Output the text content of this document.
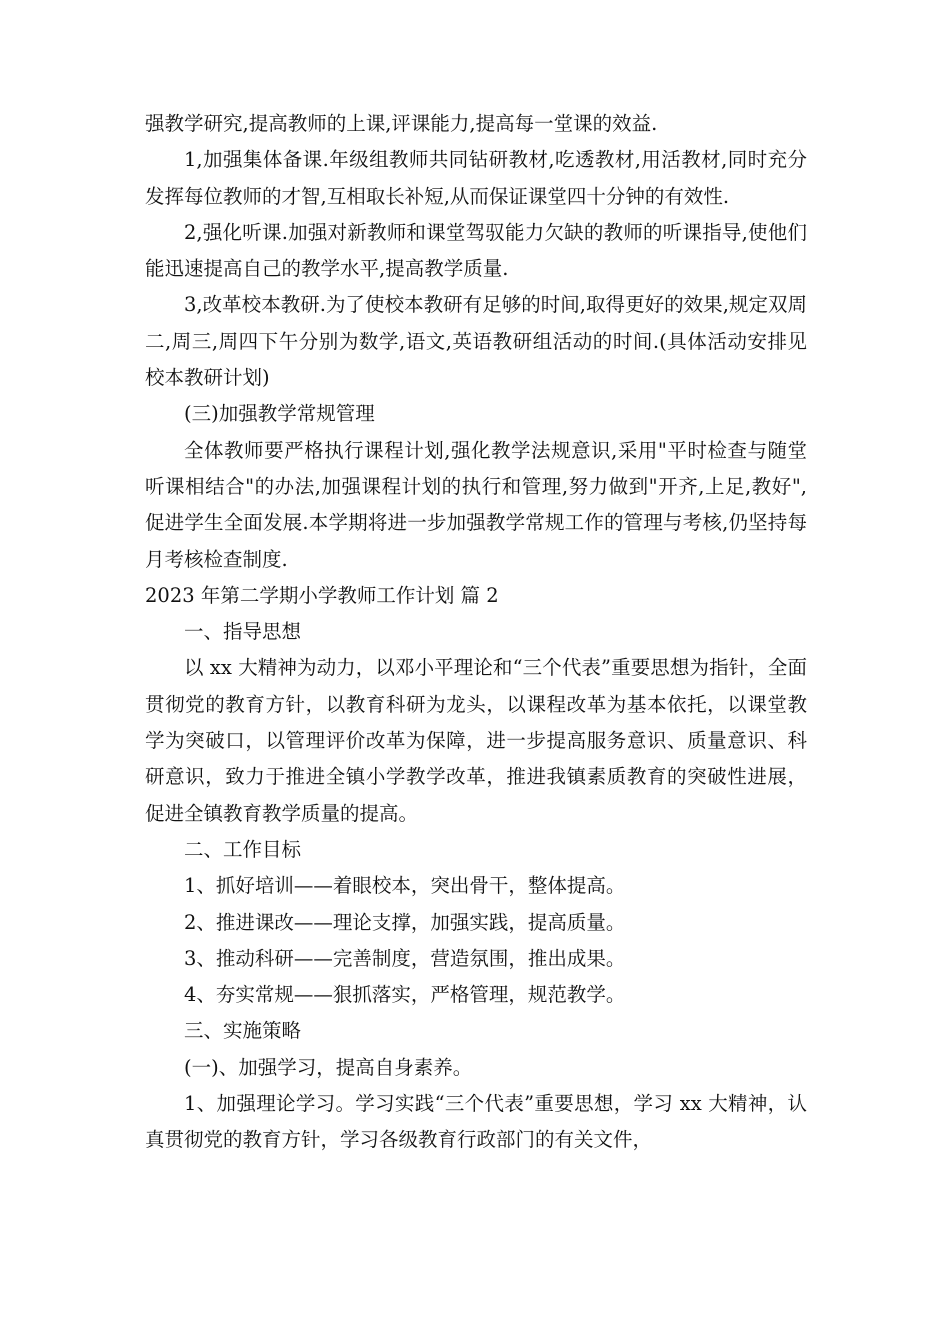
强教学研究,提高教师的上课,评课能力,提高每一堂课的效益.

1,加强集体备课.年级组教师共同钻研教材,吃透教材,用活教材,同时充分发挥每位教师的才智,互相取长补短,从而保证课堂四十分钟的有效性.

2,强化听课.加强对新教师和课堂驾驭能力欠缺的教师的听课指导,使他们能迅速提高自己的教学水平,提高教学质量.

3,改革校本教研.为了使校本教研有足够的时间,取得更好的效果,规定双周二,周三,周四下午分别为数学,语文,英语教研组活动的时间.(具体活动安排见校本教研计划)

(三)加强教学常规管理

全体教师要严格执行课程计划,强化教学法规意识,采用"平时检查与随堂听课相结合"的办法,加强课程计划的执行和管理,努力做到"开齐,上足,教好",促进学生全面发展.本学期将进一步加强教学常规工作的管理与考核,仍坚持每月考核检查制度.

2023 年第二学期小学教师工作计划 篇 2

一、指导思想

以 xx 大精神为动力，以邓小平理论和“三个代表”重要思想为指针，全面贯彻党的教育方针，以教育科研为龙头，以课程改革为基本依托，以课堂教学为突破口，以管理评价改革为保障，进一步提高服务意识、质量意识、科研意识，致力于推进全镇小学教学改革，推进我镇素质教育的突破性进展，促进全镇教育教学质量的提高。

二、工作目标

1、抓好培训——着眼校本，突出骨干，整体提高。

2、推进课改——理论支撑，加强实践，提高质量。

3、推动科研——完善制度，营造氛围，推出成果。

4、夯实常规——狠抓落实，严格管理，规范教学。

三、实施策略

(一)、加强学习，提高自身素养。

1、加强理论学习。学习实践“三个代表”重要思想，学习 xx 大精神，认真贯彻党的教育方针，学习各级教育行政部门的有关文件，
